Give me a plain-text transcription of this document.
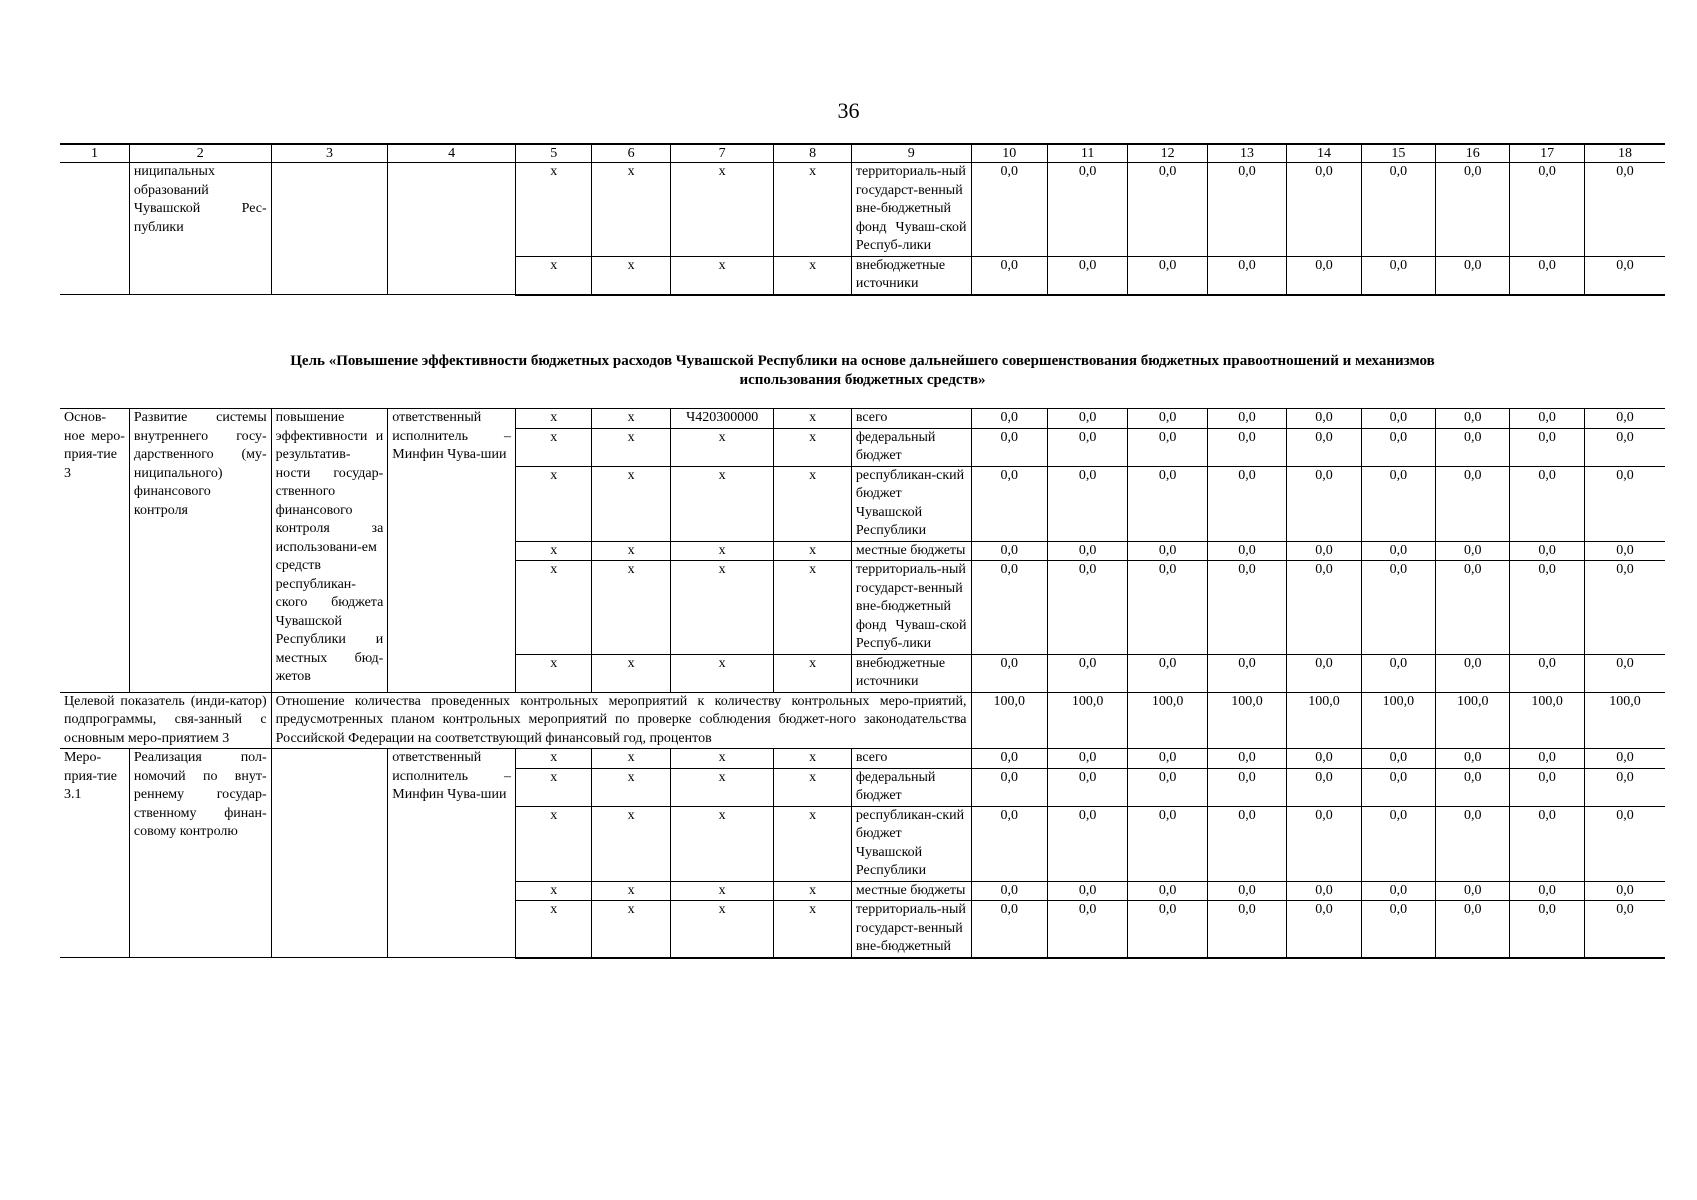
36
1	2	3	4	5	6	7	8	9	10	11	12	13	14	15	16	17	18
	ниципальных образований Чувашской Рес-публики			x	x	x	x	территориаль-ный государст-венный вне-бюджетный фонд Чуваш-ской Респуб-лики	0,0	0,0	0,0	0,0	0,0	0,0	0,0	0,0	0,0
				x	x	x	x	внебюджетные источники	0,0	0,0	0,0	0,0	0,0	0,0	0,0	0,0	0,0
Цель «Повышение эффективности бюджетных расходов Чувашской Республики на основе дальнейшего совершенствования бюджетных правоотношений и механизмов
использования бюджетных средств»
Основ-ное меро-прия-тие 3	Развитие системы внутреннего госу-дарственного (му-ниципального) финансового контроля	повышение эффективности и результатив-ности государ-ственного финансового контроля за использовани-ем средств республикан-ского бюджета Чувашской Республики и местных бюд-жетов	ответственный исполнитель – Минфин Чува-шии	x	x	Ч420300000	x	всего	0,0	0,0	0,0	0,0	0,0	0,0	0,0	0,0	0,0
				x	x	x	x	федеральный бюджет	0,0	0,0	0,0	0,0	0,0	0,0	0,0	0,0	0,0
				x	x	x	x	республикан-ский бюджет Чувашской Республики	0,0	0,0	0,0	0,0	0,0	0,0	0,0	0,0	0,0
				x	x	x	x	местные бюджеты	0,0	0,0	0,0	0,0	0,0	0,0	0,0	0,0	0,0
				x	x	x	x	территориаль-ный государст-венный вне-бюджетный фонд Чуваш-ской Респуб-лики	0,0	0,0	0,0	0,0	0,0	0,0	0,0	0,0	0,0
				x	x	x	x	внебюджетные источники	0,0	0,0	0,0	0,0	0,0	0,0	0,0	0,0	0,0
Целевой показатель (инди-катор) подпрограммы, свя-занный с основным меро-приятием 3		Отношение количества проведенных контрольных мероприятий к количеству контрольных меро-приятий, предусмотренных планом контрольных мероприятий по проверке соблюдения бюджет-ного законодательства Российской Федерации на соответствующий финансовый год, процентов							100,0	100,0	100,0	100,0	100,0	100,0	100,0	100,0	100,0
Меро-прия-тие 3.1	Реализация пол-номочий по внут-реннему государ-ственному финан-совому контролю		ответственный исполнитель – Минфин Чува-шии	x	x	x	x	всего	0,0	0,0	0,0	0,0	0,0	0,0	0,0	0,0	0,0
				x	x	x	x	федеральный бюджет	0,0	0,0	0,0	0,0	0,0	0,0	0,0	0,0	0,0
				x	x	x	x	республикан-ский бюджет Чувашской Республики	0,0	0,0	0,0	0,0	0,0	0,0	0,0	0,0	0,0
				x	x	x	x	местные бюджеты	0,0	0,0	0,0	0,0	0,0	0,0	0,0	0,0	0,0
				x	x	x	x	территориаль-ный государст-венный вне-бюджетный	0,0	0,0	0,0	0,0	0,0	0,0	0,0	0,0	0,0
